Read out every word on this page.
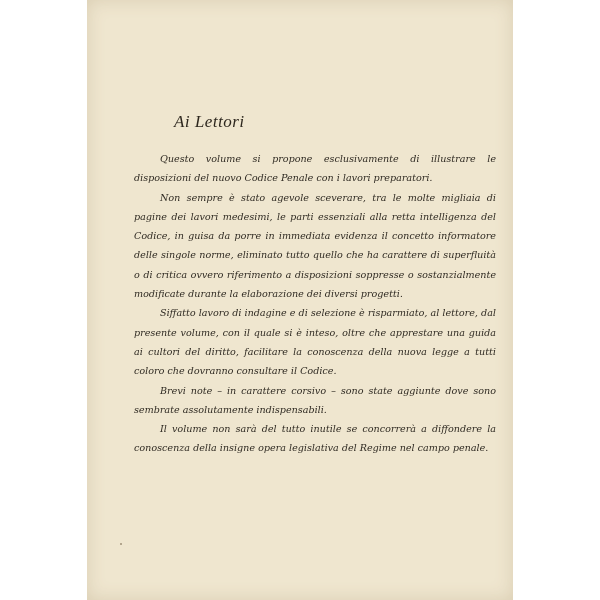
Ai Lettori

Questo volume si propone esclusivamente di illustrare le disposizioni del nuovo Codice Penale con i lavori preparatori.

Non sempre è stato agevole sceverare, tra le molte migliaia di pagine dei lavori medesimi, le parti essenziali alla retta intelligenza del Codice, in guisa da porre in immediata evidenza il concetto informatore delle singole norme, eliminato tutto quello che ha carattere di superfluità o di critica ovvero riferimento a disposizioni soppresse o sostanzialmente modificate durante la elaborazione dei diversi progetti.

Siffatto lavoro di indagine e di selezione è risparmiato, al lettore, dal presente volume, con il quale si è inteso, oltre che apprestare una guida ai cultori del diritto, facilitare la conoscenza della nuova legge a tutti coloro che dovranno consultare il Codice.

Brevi note – in carattere corsivo – sono state aggiunte dove sono sembrate assolutamente indispensabili.

Il volume non sarà del tutto inutile se concorrerà a diffondere la conoscenza della insigne opera legislativa del Regime nel campo penale.
